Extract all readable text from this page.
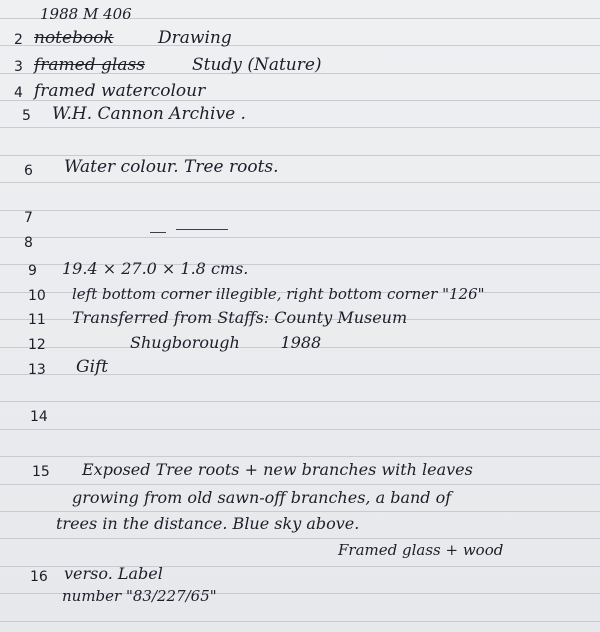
1988 M 406
2 notebook	Drawing
3 framed glass	Study (Nature)
4 framed watercolour
5 W.H. Cannon Archive .
6 Water colour. Tree roots.
7
8
9 19.4 × 27.0 × 1.8 cms.
10 left bottom corner illegible, right bottom corner "126"
11 Transferred from Staffs: County Museum
12	Shugborough        1988
13 Gift
14
15 Exposed Tree roots + new branches with leaves
growing from old sawn-off branches, a band of
trees in the distance. Blue sky above.
Framed glass + wood
16 verso. Label
number "83/227/65"
